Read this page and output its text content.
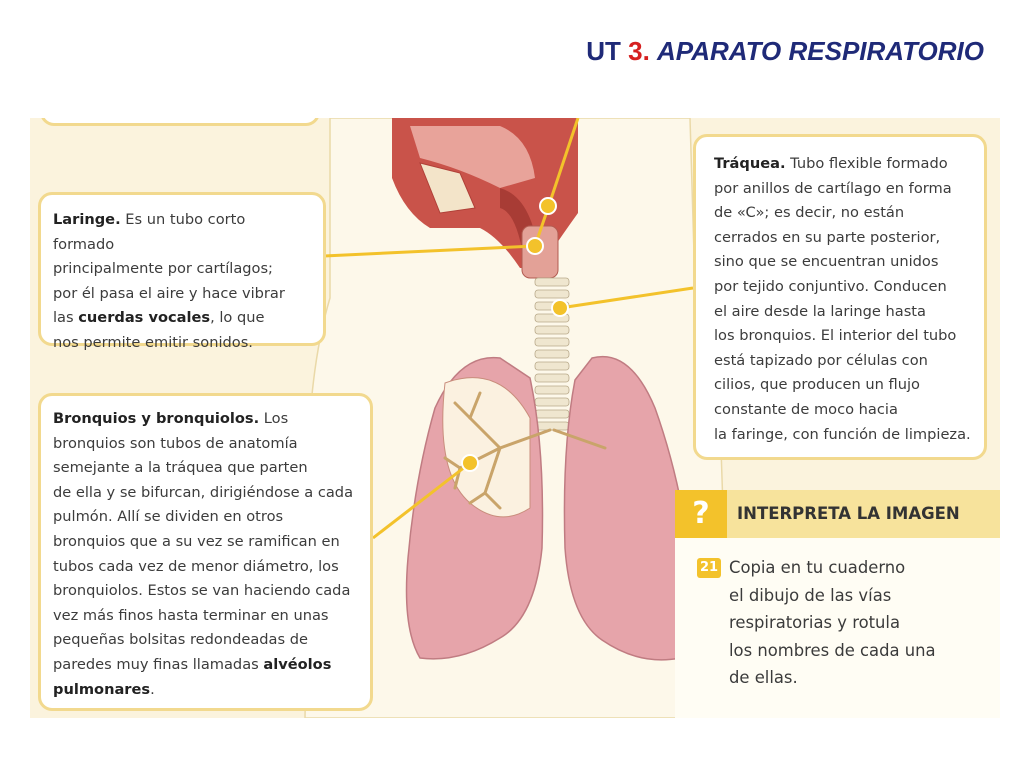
UT 3. APARATO RESPIRATORIO
Laringe. Es un tubo corto formado
principalmente por cartílagos;
por él pasa el aire y hace vibrar
las cuerdas vocales, lo que
nos permite emitir sonidos.
Bronquios y bronquiolos. Los
bronquios son tubos de anatomía
semejante a la tráquea que parten
de ella y se bifurcan, dirigiéndose a cada
pulmón. Allí se dividen en otros
bronquios que a su vez se ramifican en
tubos cada vez de menor diámetro, los
bronquiolos. Estos se van haciendo cada
vez más finos hasta terminar en unas
pequeñas bolsitas redondeadas de
paredes muy finas llamadas alvéolos
pulmonares.
Tráquea. Tubo flexible formado
por anillos de cartílago en forma
de «C»; es decir, no están
cerrados en su parte posterior,
sino que se encuentran unidos
por tejido conjuntivo. Conducen
el aire desde la laringe hasta
los bronquios. El interior del tubo
está tapizado por células con
cilios, que producen un flujo
constante de moco hacia
la faringe, con función de limpieza.
?	INTERPRETA LA IMAGEN
21 Copia en tu cuaderno
el dibujo de las vías
respiratorias y rotula
los nombres de cada una
de ellas.
